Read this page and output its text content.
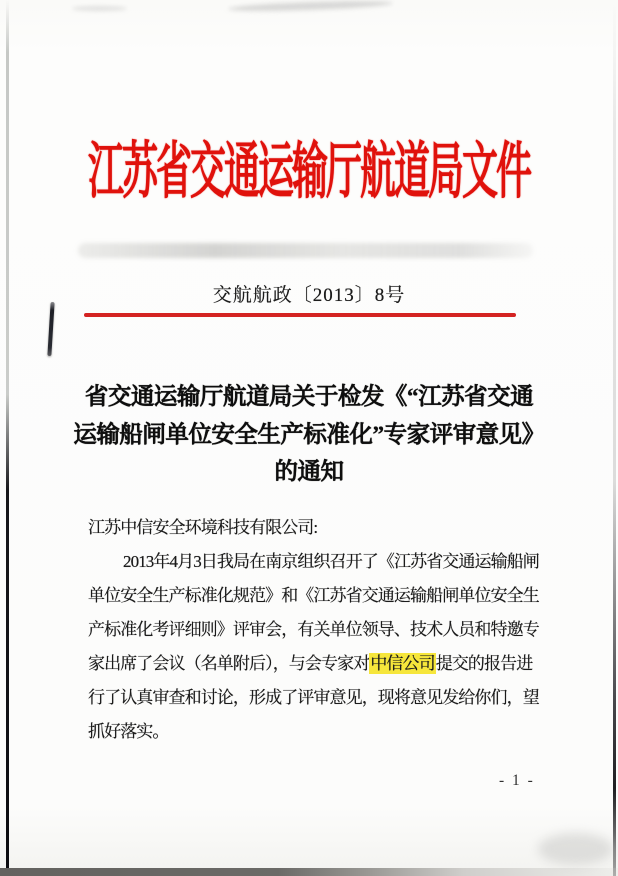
江苏省交通运输厅航道局文件
交航航政〔2013〕8号
省交通运输厅航道局关于检发《“江苏省交通
运输船闸单位安全生产标准化”专家评审意见》
的通知
江苏中信安全环境科技有限公司:
2013年4月3日我局在南京组织召开了《江苏省交通运输船闸
单位安全生产标准化规范》和《江苏省交通运输船闸单位安全生
产标准化考评细则》评审会，有关单位领导、技术人员和特邀专
家出席了会议（名单附后），与会专家对中信公司提交的报告进
行了认真审查和讨论，形成了评审意见，现将意见发给你们，望
抓好落实。
- 1 -
